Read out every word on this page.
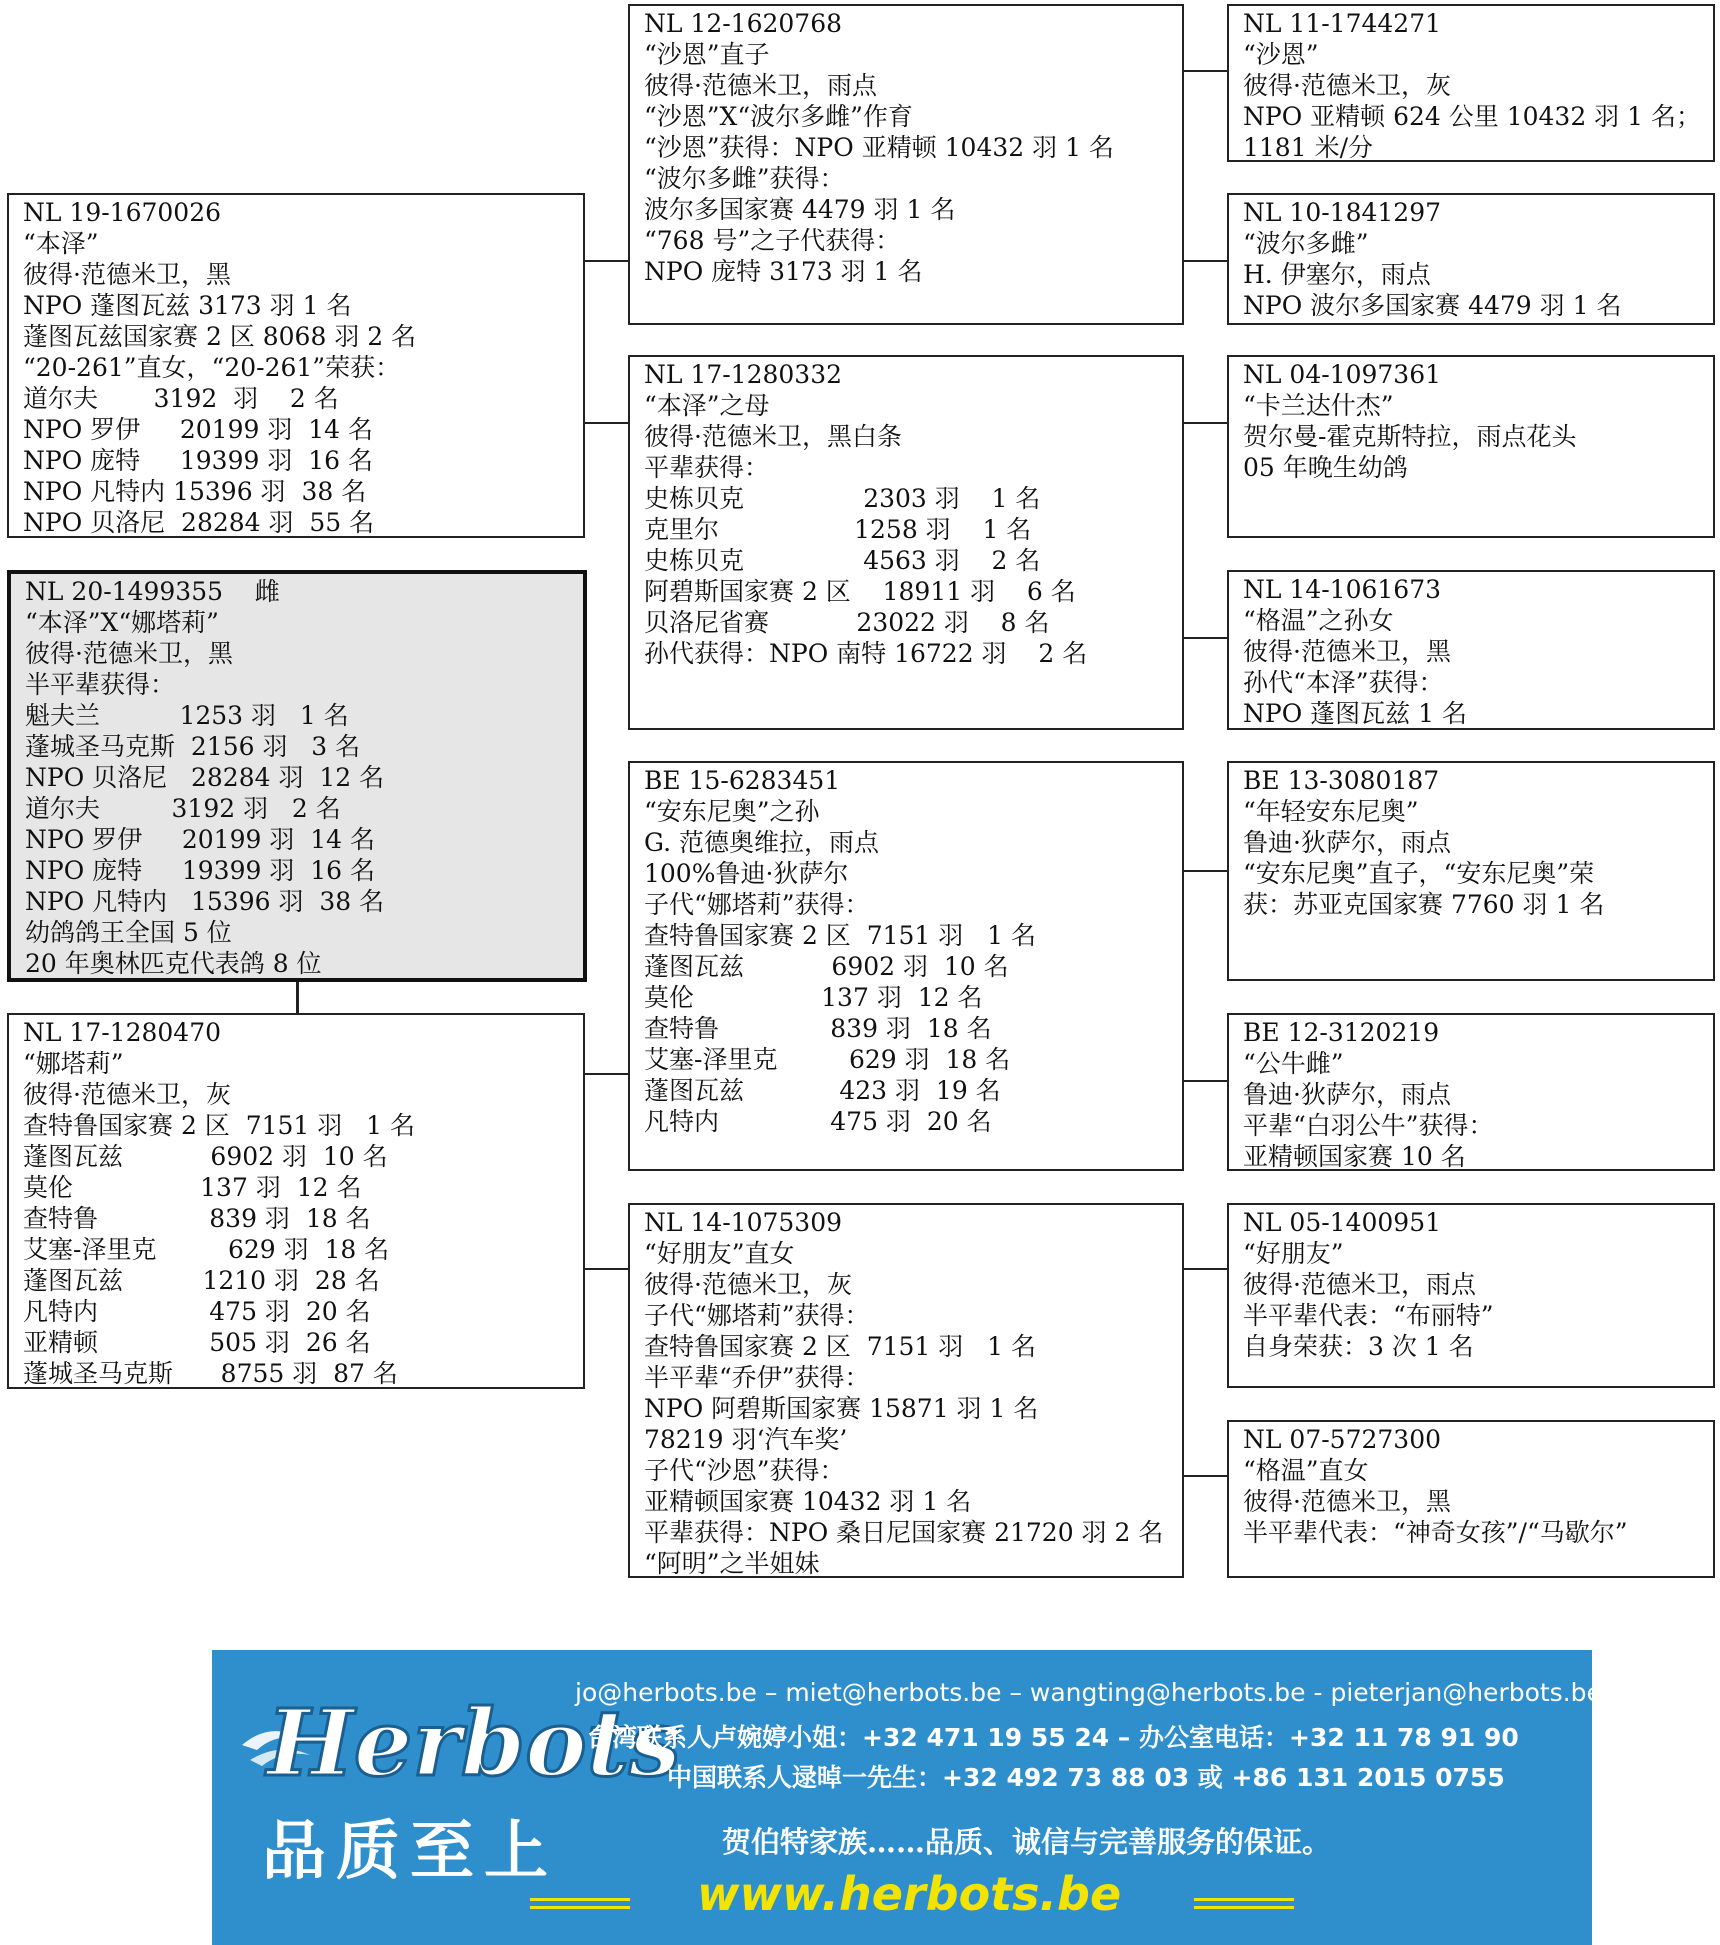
NL 19-1670026
“本泽”
彼得·范德米卫，黑
NPO 蓬图瓦兹 3173 羽 1 名
蓬图瓦兹国家赛 2 区 8068 羽 2 名
“20-261”直女，“20-261”荣获：
道尔夫       3192  羽    2 名
NPO 罗伊     20199 羽  14 名
NPO 庞特     19399 羽  16 名
NPO 凡特内 15396 羽  38 名
NPO 贝洛尼  28284 羽  55 名
NL 20-1499355    雌
“本泽”X“娜塔莉”
彼得·范德米卫，黑
半平辈获得：
魁夫兰          1253 羽   1 名
蓬城圣马克斯  2156 羽   3 名
NPO 贝洛尼   28284 羽  12 名
道尔夫         3192 羽   2 名
NPO 罗伊     20199 羽  14 名
NPO 庞特     19399 羽  16 名
NPO 凡特内   15396 羽  38 名
幼鸽鸽王全国 5 位
20 年奥林匹克代表鸽 8 位
NL 17-1280470
“娜塔莉”
彼得·范德米卫，灰
查特鲁国家赛 2 区  7151 羽   1 名
蓬图瓦兹           6902 羽  10 名
莫伦                137 羽  12 名
查特鲁              839 羽  18 名
艾塞-泽里克         629 羽  18 名
蓬图瓦兹          1210 羽  28 名
凡特内              475 羽  20 名
亚精顿              505 羽  26 名
蓬城圣马克斯      8755 羽  87 名
NL 12-1620768
“沙恩”直子
彼得·范德米卫，雨点
“沙恩”X“波尔多雌”作育
“沙恩”获得：NPO 亚精顿 10432 羽 1 名
“波尔多雌”获得：
波尔多国家赛 4479 羽 1 名
“768 号”之子代获得：
NPO 庞特 3173 羽 1 名
NL 17-1280332
“本泽”之母
彼得·范德米卫，黑白条
平辈获得：
史栋贝克               2303 羽    1 名
克里尔                 1258 羽    1 名
史栋贝克               4563 羽    2 名
阿碧斯国家赛 2 区    18911 羽    6 名
贝洛尼省赛           23022 羽    8 名
孙代获得：NPO 南特 16722 羽    2 名
BE 15-6283451
“安东尼奥”之孙
G. 范德奥维拉，雨点
100%鲁迪·狄萨尔
子代“娜塔莉”获得：
查特鲁国家赛 2 区  7151 羽   1 名
蓬图瓦兹           6902 羽  10 名
莫伦                137 羽  12 名
查特鲁              839 羽  18 名
艾塞-泽里克         629 羽  18 名
蓬图瓦兹            423 羽  19 名
凡特内              475 羽  20 名
NL 14-1075309
“好朋友”直女
彼得·范德米卫，灰
子代“娜塔莉”获得：
查特鲁国家赛 2 区  7151 羽   1 名
半平辈“乔伊”获得：
NPO 阿碧斯国家赛 15871 羽 1 名
78219 羽‘汽车奖’
子代“沙恩”获得：
亚精顿国家赛 10432 羽 1 名
平辈获得：NPO 桑日尼国家赛 21720 羽 2 名
“阿明”之半姐妹
NL 11-1744271
“沙恩”
彼得·范德米卫，灰
NPO 亚精顿 624 公里 10432 羽 1 名；
1181 米/分
NL 10-1841297
“波尔多雌”
H. 伊塞尔，雨点
NPO 波尔多国家赛 4479 羽 1 名
NL 04-1097361
“卡兰达什杰”
贺尔曼-霍克斯特拉，雨点花头
05 年晚生幼鸽
NL 14-1061673
“格温”之孙女
彼得·范德米卫，黑
孙代“本泽”获得：
NPO 蓬图瓦兹 1 名
BE 13-3080187
“年轻安东尼奥”
鲁迪·狄萨尔，雨点
“安东尼奥”直子，“安东尼奥”荣
获：苏亚克国家赛 7760 羽 1 名
BE 12-3120219
“公牛雌”
鲁迪·狄萨尔，雨点
平辈“白羽公牛”获得：
亚精顿国家赛 10 名
NL 05-1400951
“好朋友”
彼得·范德米卫，雨点
半平辈代表：“布丽特”
自身荣获：3 次 1 名
NL 07-5727300
“格温”直女
彼得·范德米卫，黑
半平辈代表：“神奇女孩”/“马歇尔”
Herbots
品质至上
jo@herbots.be – miet@herbots.be – wangting@herbots.be - pieterjan@herbots.be
台湾联系人卢婉婷小姐：+32 471 19 55 24 – 办公室电话：+32 11 78 91 90
中国联系人逯晫一先生：+32 492 73 88 03 或 +86 131 2015 0755
贺伯特家族……品质、诚信与完善服务的保证。
www.herbots.be
